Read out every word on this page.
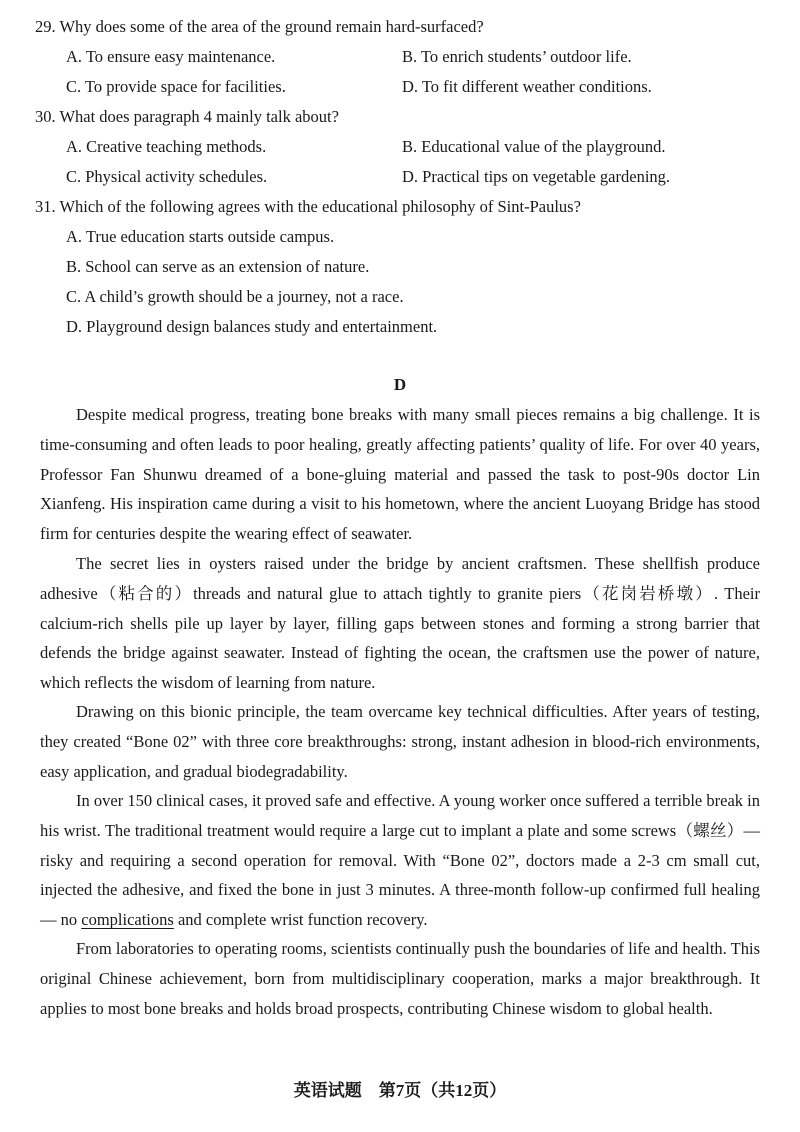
29. Why does some of the area of the ground remain hard-surfaced?
A. To ensure easy maintenance.	B. To enrich students’ outdoor life.
C. To provide space for facilities.	D. To fit different weather conditions.
30. What does paragraph 4 mainly talk about?
A. Creative teaching methods.	B. Educational value of the playground.
C. Physical activity schedules.	D. Practical tips on vegetable gardening.
31. Which of the following agrees with the educational philosophy of Sint-Paulus?
A. True education starts outside campus.
B. School can serve as an extension of nature.
C. A child’s growth should be a journey, not a race.
D. Playground design balances study and entertainment.
D

Despite medical progress, treating bone breaks with many small pieces remains a big challenge. It is time-consuming and often leads to poor healing, greatly affecting patients’ quality of life. For over 40 years, Professor Fan Shunwu dreamed of a bone-gluing material and passed the task to post-90s doctor Lin Xianfeng. His inspiration came during a visit to his hometown, where the ancient Luoyang Bridge has stood firm for centuries despite the wearing effect of seawater.

The secret lies in oysters raised under the bridge by ancient craftsmen. These shellfish produce adhesive（粘合的）threads and natural glue to attach tightly to granite piers（花岗岩桥墩）. Their calcium-rich shells pile up layer by layer, filling gaps between stones and forming a strong barrier that defends the bridge against seawater. Instead of fighting the ocean, the craftsmen use the power of nature, which reflects the wisdom of learning from nature.

Drawing on this bionic principle, the team overcame key technical difficulties. After years of testing, they created “Bone 02” with three core breakthroughs: strong, instant adhesion in blood-rich environments, easy application, and gradual biodegradability.

In over 150 clinical cases, it proved safe and effective. A young worker once suffered a terrible break in his wrist. The traditional treatment would require a large cut to implant a plate and some screws（螺丝）— risky and requiring a second operation for removal. With “Bone 02”, doctors made a 2-3 cm small cut, injected the adhesive, and fixed the bone in just 3 minutes. A three-month follow-up confirmed full healing — no complications and complete wrist function recovery.

From laboratories to operating rooms, scientists continually push the boundaries of life and health. This original Chinese achievement, born from multidisciplinary cooperation, marks a major breakthrough. It applies to most bone breaks and holds broad prospects, contributing Chinese wisdom to global health.

英语试题　第7页（共12页）
